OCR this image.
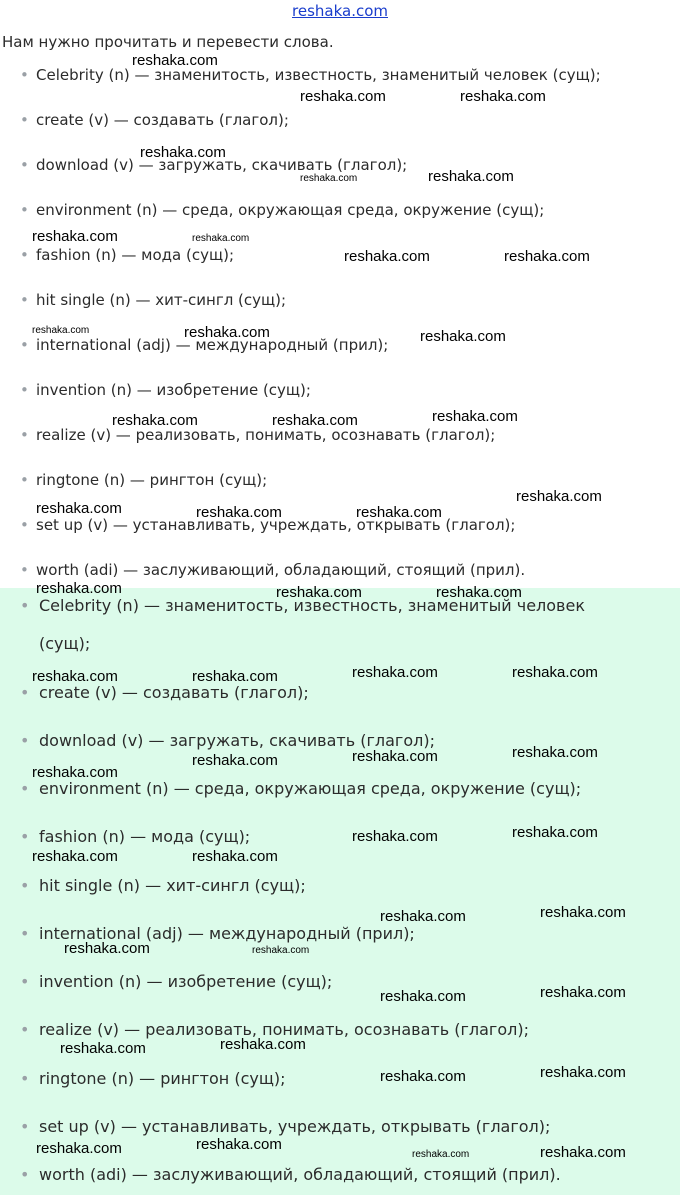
reshaka.com
Нам нужно прочитать и перевести слова.
• Celebrity (n) — знаменитость, известность, знаменитый человек (сущ);
• create (v) — создавать (глагол);
• download (v) — загружать, скачивать (глагол);
• environment (n) — среда, окружающая среда, окружение (сущ);
• fashion (n) — мода (сущ);
• hit single (n) — хит-сингл (сущ);
• international (adj) — международный (прил);
• invention (n) — изобретение (сущ);
• realize (v) — реализовать, понимать, осознавать (глагол);
• ringtone (n) — рингтон (сущ);
• set up (v) — устанавливать, учреждать, открывать (глагол);
• worth (adi) — заслуживающий, обладающий, стоящий (прил).
• Celebrity (n) — знаменитость, известность, знаменитый человек
(сущ);
• create (v) — создавать (глагол);
• download (v) — загружать, скачивать (глагол);
• environment (n) — среда, окружающая среда, окружение (сущ);
• fashion (n) — мода (сущ);
• hit single (n) — хит-сингл (сущ);
• international (adj) — международный (прил);
• invention (n) — изобретение (сущ);
• realize (v) — реализовать, понимать, осознавать (глагол);
• ringtone (n) — рингтон (сущ);
• set up (v) — устанавливать, учреждать, открывать (глагол);
• worth (adi) — заслуживающий, обладающий, стоящий (прил).
reshaka.com
reshaka.com	reshaka.com
reshaka.com
reshaka.com	reshaka.com
reshaka.com	reshaka.com
reshaka.com	reshaka.com
reshaka.com	reshaka.com	reshaka.com
reshaka.com	reshaka.com	reshaka.com
reshaka.com
reshaka.com	reshaka.com	reshaka.com
reshaka.com	reshaka.com	reshaka.com
reshaka.com	reshaka.com	reshaka.com	reshaka.com
reshaka.com	reshaka.com	reshaka.com
reshaka.com
reshaka.com	reshaka.com
reshaka.com	reshaka.com
reshaka.com	reshaka.com
reshaka.com	reshaka.com
reshaka.com	reshaka.com
reshaka.com	reshaka.com
reshaka.com	reshaka.com
reshaka.com	reshaka.com
reshaka.com	reshaka.com
